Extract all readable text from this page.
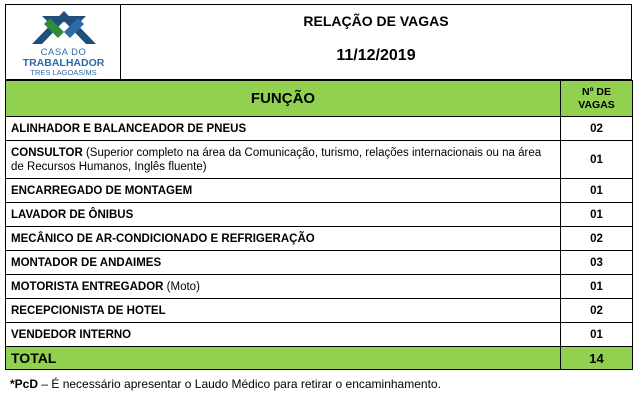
CASA DO
TRABALHADOR
TRES LAGOAS/MS
RELAÇÃO DE VAGAS
11/12/2019
FUNÇÃO	Nº DE
VAGAS
ALINHADOR E BALANCEADOR DE PNEUS	02
CONSULTOR (Superior completo na área da Comunicação, turismo, relações internacionais ou na área de Recursos Humanos, Inglês fluente)	01
ENCARREGADO DE MONTAGEM	01
LAVADOR DE ÔNIBUS	01
MECÂNICO DE AR-CONDICIONADO E REFRIGERAÇÃO	02
MONTADOR DE ANDAIMES	03
MOTORISTA ENTREGADOR (Moto)	01
RECEPCIONISTA DE HOTEL	02
VENDEDOR INTERNO	01
TOTAL	14
*PcD – É necessário apresentar o Laudo Médico para retirar o encaminhamento.
